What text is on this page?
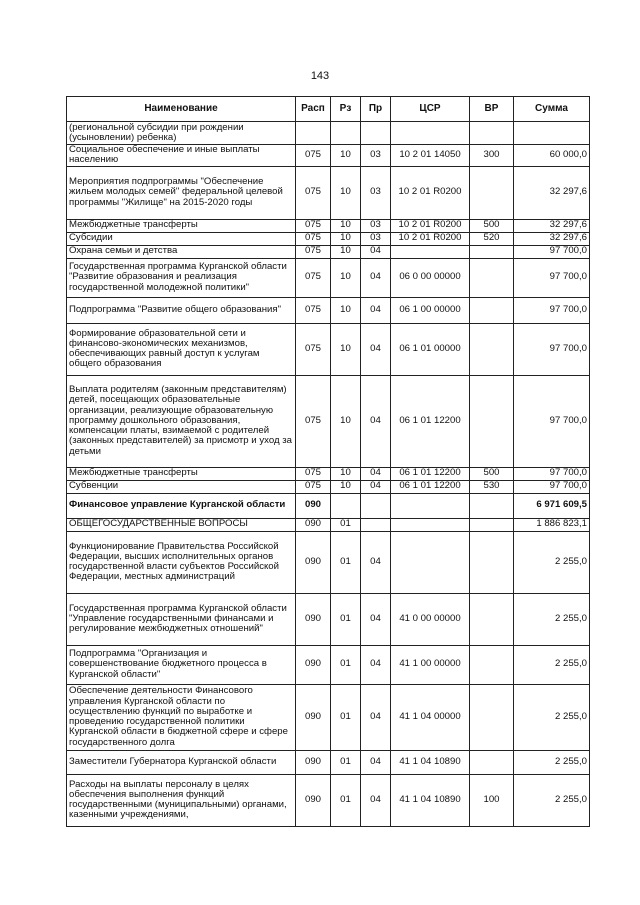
143
Наименование	Расп	Рз	Пр	ЦСР	ВР	Сумма
(региональной субсидии при рождении (усыновлении) ребенка)						
Социальное обеспечение и иные выплаты населению	075	10	03	10 2 01 14050	300	60 000,0
Мероприятия подпрограммы "Обеспечение жильем молодых семей" федеральной целевой программы "Жилище" на 2015-2020 годы	075	10	03	10 2 01 R0200		32 297,6
Межбюджетные трансферты	075	10	03	10 2 01 R0200	500	32 297,6
Субсидии	075	10	03	10 2 01 R0200	520	32 297,6
Охрана семьи и детства	075	10	04			97 700,0
Государственная программа Курганской области "Развитие образования и реализация государственной молодежной политики"	075	10	04	06 0 00 00000		97 700,0
Подпрограмма "Развитие общего образования"	075	10	04	06 1 00 00000		97 700,0
Формирование образовательной сети и финансово-экономических механизмов, обеспечивающих равный доступ к услугам общего образования	075	10	04	06 1 01 00000		97 700,0
Выплата родителям (законным представителям) детей, посещающих образовательные организации, реализующие образовательную программу дошкольного образования, компенсации платы, взимаемой с родителей (законных представителей) за присмотр и уход за детьми	075	10	04	06 1 01 12200		97 700,0
Межбюджетные трансферты	075	10	04	06 1 01 12200	500	97 700,0
Субвенции	075	10	04	06 1 01 12200	530	97 700,0
Финансовое управление Курганской области	090					6 971 609,5
ОБЩЕГОСУДАРСТВЕННЫЕ ВОПРОСЫ	090	01				1 886 823,1
Функционирование Правительства Российской Федерации, высших исполнительных органов государственной власти субъектов Российской Федерации, местных администраций	090	01	04			2 255,0
Государственная программа Курганской области "Управление государственными финансами и регулирование межбюджетных отношений"	090	01	04	41 0 00 00000		2 255,0
Подпрограмма "Организация и совершенствование бюджетного процесса в Курганской области"	090	01	04	41 1 00 00000		2 255,0
Обеспечение деятельности Финансового управления Курганской области по осуществлению функций по выработке и проведению государственной политики Курганской области в бюджетной сфере и сфере государственного долга	090	01	04	41 1 04 00000		2 255,0
Заместители Губернатора Курганской области	090	01	04	41 1 04 10890		2 255,0
Расходы на выплаты персоналу в целях обеспечения выполнения функций государственными (муниципальными) органами, казенными учреждениями,	090	01	04	41 1 04 10890	100	2 255,0
